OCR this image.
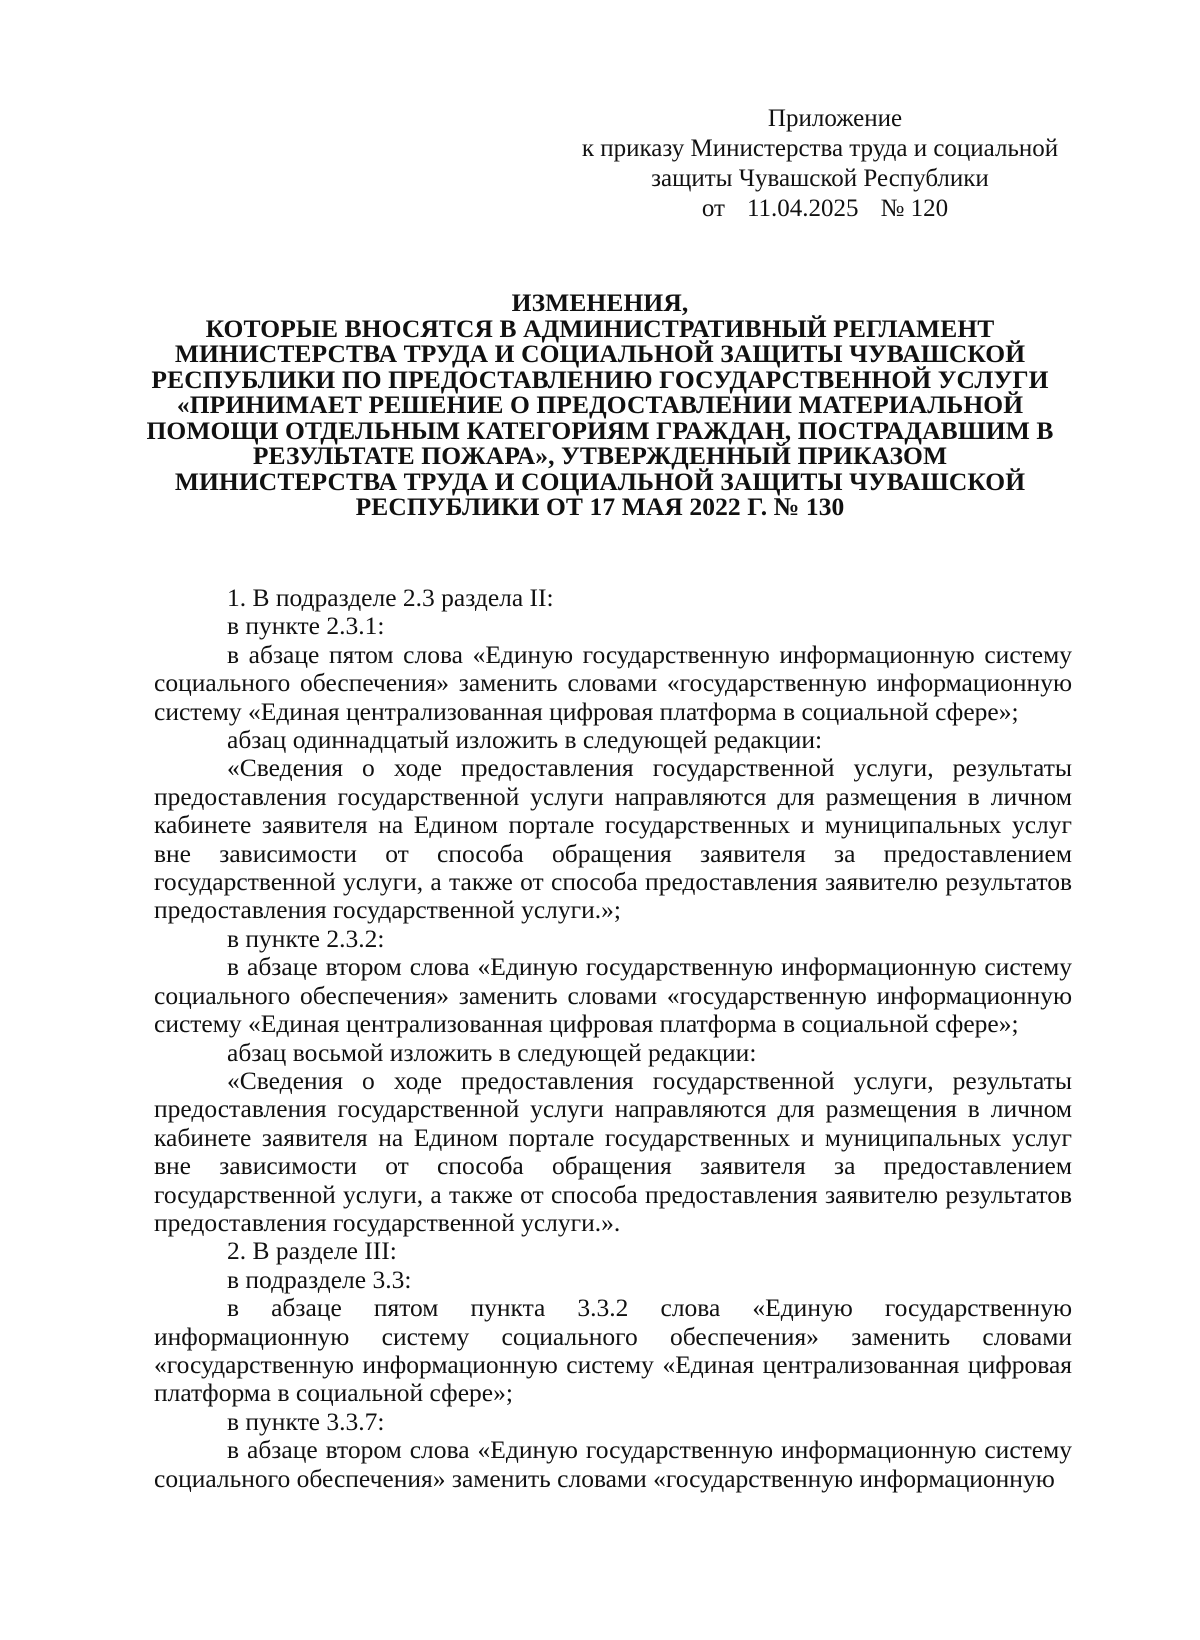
Приложение
к приказу Министерства труда и социальной
защиты Чувашской Республики
от 11.04.2025 № 120
ИЗМЕНЕНИЯ,
КОТОРЫЕ ВНОСЯТСЯ В АДМИНИСТРАТИВНЫЙ РЕГЛАМЕНТ
МИНИСТЕРСТВА ТРУДА И СОЦИАЛЬНОЙ ЗАЩИТЫ ЧУВАШСКОЙ
РЕСПУБЛИКИ ПО ПРЕДОСТАВЛЕНИЮ ГОСУДАРСТВЕННОЙ УСЛУГИ
«ПРИНИМАЕТ РЕШЕНИЕ О ПРЕДОСТАВЛЕНИИ МАТЕРИАЛЬНОЙ
ПОМОЩИ ОТДЕЛЬНЫМ КАТЕГОРИЯМ ГРАЖДАН, ПОСТРАДАВШИМ В
РЕЗУЛЬТАТЕ ПОЖАРА», УТВЕРЖДЕННЫЙ ПРИКАЗОМ
МИНИСТЕРСТВА ТРУДА И СОЦИАЛЬНОЙ ЗАЩИТЫ ЧУВАШСКОЙ
РЕСПУБЛИКИ ОТ 17 МАЯ 2022 Г. № 130

1. В подразделе 2.3 раздела II:

в пункте 2.3.1:

в абзаце пятом слова «Единую государственную информационную систему социального обеспечения» заменить словами «государственную информационную систему «Единая централизованная цифровая платформа в социальной сфере»;

абзац одиннадцатый изложить в следующей редакции:

«Сведения о ходе предоставления государственной услуги, результаты предоставления государственной услуги направляются для размещения в личном кабинете заявителя на Едином портале государственных и муниципальных услуг вне зависимости от способа обращения заявителя за предоставлением государственной услуги, а также от способа предоставления заявителю результатов предоставления государственной услуги.»;

в пункте 2.3.2:

в абзаце втором слова «Единую государственную информационную систему социального обеспечения» заменить словами «государственную информационную систему «Единая централизованная цифровая платформа в социальной сфере»;

абзац восьмой изложить в следующей редакции:

«Сведения о ходе предоставления государственной услуги, результаты предоставления государственной услуги направляются для размещения в личном кабинете заявителя на Едином портале государственных и муниципальных услуг вне зависимости от способа обращения заявителя за предоставлением государственной услуги, а также от способа предоставления заявителю результатов предоставления государственной услуги.».

2. В разделе III:

в подразделе 3.3:

в абзаце пятом пункта 3.3.2 слова «Единую государственную информационную систему социального обеспечения» заменить словами «государственную информационную систему «Единая централизованная цифровая платформа в социальной сфере»;

в пункте 3.3.7:

в абзаце втором слова «Единую государственную информационную систему социального обеспечения» заменить словами «государственную информационную
